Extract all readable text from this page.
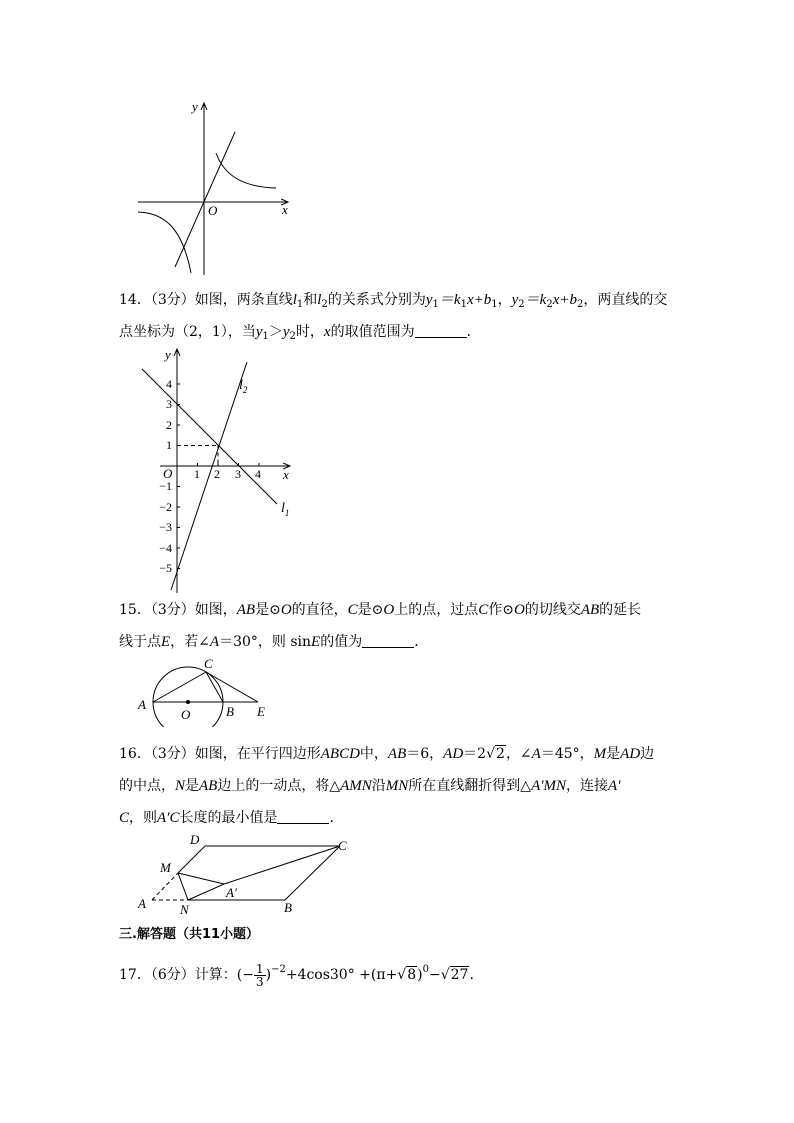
y
x
O
14．（3分）如图，两条直线$l_1$和$l_2$的关系式分别为$y_1=k_1x+b_1$，$y_2=k_2x+b_2$，两直线的交
点坐标为（2，1），当$y_1>y_2$时，x的取值范围为	．
y
x
O 1 2 3 4
4
3
2
1
−1
−2
−3
−4
−5
$l_1$
$l_2$
15．（3分）如图，AB是⊙O的直径，C是⊙O上的点，过点C作⊙O的切线交AB的延长
线于点E，若∠A＝30°，则 sinE的值为	．
A
O	B
C
E
16．（3分）如图，在平行四边形ABCD中，AB＝6，AD＝2√2，∠A＝45°，M是AD边
的中点，N是AB边上的一动点，将△AMN沿MN所在直线翻折得到△A′MN，连接A′
C，则A′C长度的最小值是	．
D	C
M
A′
A	N	B
三.解答题（共11小题）
17．（6分）计算：(− $\frac{1}{3} )^{-2}+4\cos 30^\circ +(\pi+√8)^0-√27$.
